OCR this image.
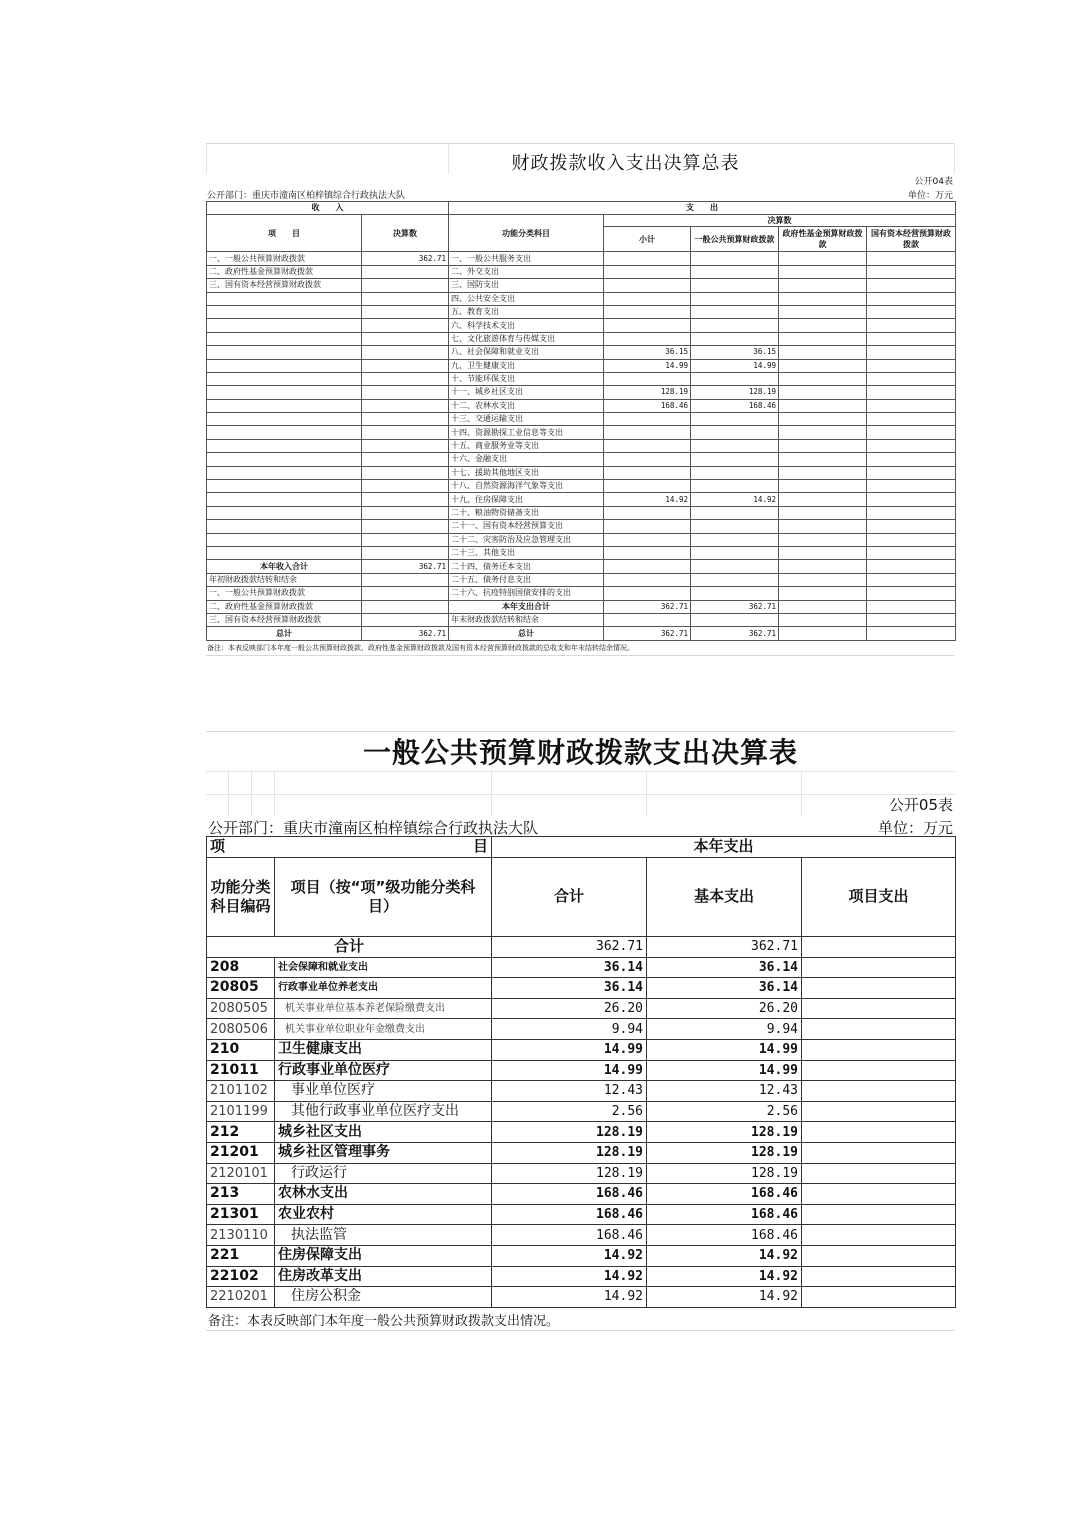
财政拨款收入支出决算总表
公开04表
公开部门：重庆市潼南区柏梓镇综合行政执法大队	单位：万元
收　　入		支　　出				
项　　目	决算数	功能分类科目	决算数			
			小计	一般公共预算财政拨款	政府性基金预算财政拨款	国有资本经营预算财政拨款
一、一般公共预算财政拨款	362.71	一、一般公共服务支出				
二、政府性基金预算财政拨款		二、外交支出				
三、国有资本经营预算财政拨款		三、国防支出				
		四、公共安全支出				
		五、教育支出				
		六、科学技术支出				
		七、文化旅游体育与传媒支出				
		八、社会保障和就业支出	36.15	36.15		
		九、卫生健康支出	14.99	14.99		
		十、节能环保支出				
		十一、城乡社区支出	128.19	128.19		
		十二、农林水支出	168.46	168.46		
		十三、交通运输支出				
		十四、资源勘探工业信息等支出				
		十五、商业服务业等支出				
		十六、金融支出				
		十七、援助其他地区支出				
		十八、自然资源海洋气象等支出				
		十九、住房保障支出	14.92	14.92		
		二十、粮油物资储备支出				
		二十一、国有资本经营预算支出				
		二十二、灾害防治及应急管理支出				
		二十三、其他支出				
本年收入合计	362.71	二十四、债务还本支出				
年初财政拨款结转和结余		二十五、债务付息支出				
一、一般公共预算财政拨款		二十六、抗疫特别国债安排的支出				
二、政府性基金预算财政拨款		本年支出合计	362.71	362.71		
三、国有资本经营预算财政拨款		年末财政拨款结转和结余				
总计	362.71	总计	362.71	362.71		
备注：本表反映部门本年度一般公共预算财政拨款、政府性基金预算财政拨款及国有资本经营预算财政拨款的总收支和年末结转结余情况。
一般公共预算财政拨款支出决算表
公开05表
公开部门：重庆市潼南区柏梓镇综合行政执法大队	单位：万元
项 目		本年支出		
功能分类科目编码	项目（按“项”级功能分类科目）	合计	基本支出	项目支出
合计		362.71	362.71	
208	社会保障和就业支出	36.14	36.14	
20805	行政事业单位养老支出	36.14	36.14	
2080505	机关事业单位基本养老保险缴费支出	26.20	26.20	
2080506	机关事业单位职业年金缴费支出	9.94	9.94	
210	卫生健康支出	14.99	14.99	
21011	行政事业单位医疗	14.99	14.99	
2101102	事业单位医疗	12.43	12.43	
2101199	其他行政事业单位医疗支出	2.56	2.56	
212	城乡社区支出	128.19	128.19	
21201	城乡社区管理事务	128.19	128.19	
2120101	行政运行	128.19	128.19	
213	农林水支出	168.46	168.46	
21301	农业农村	168.46	168.46	
2130110	执法监管	168.46	168.46	
221	住房保障支出	14.92	14.92	
22102	住房改革支出	14.92	14.92	
2210201	住房公积金	14.92	14.92	
备注：本表反映部门本年度一般公共预算财政拨款支出情况。
